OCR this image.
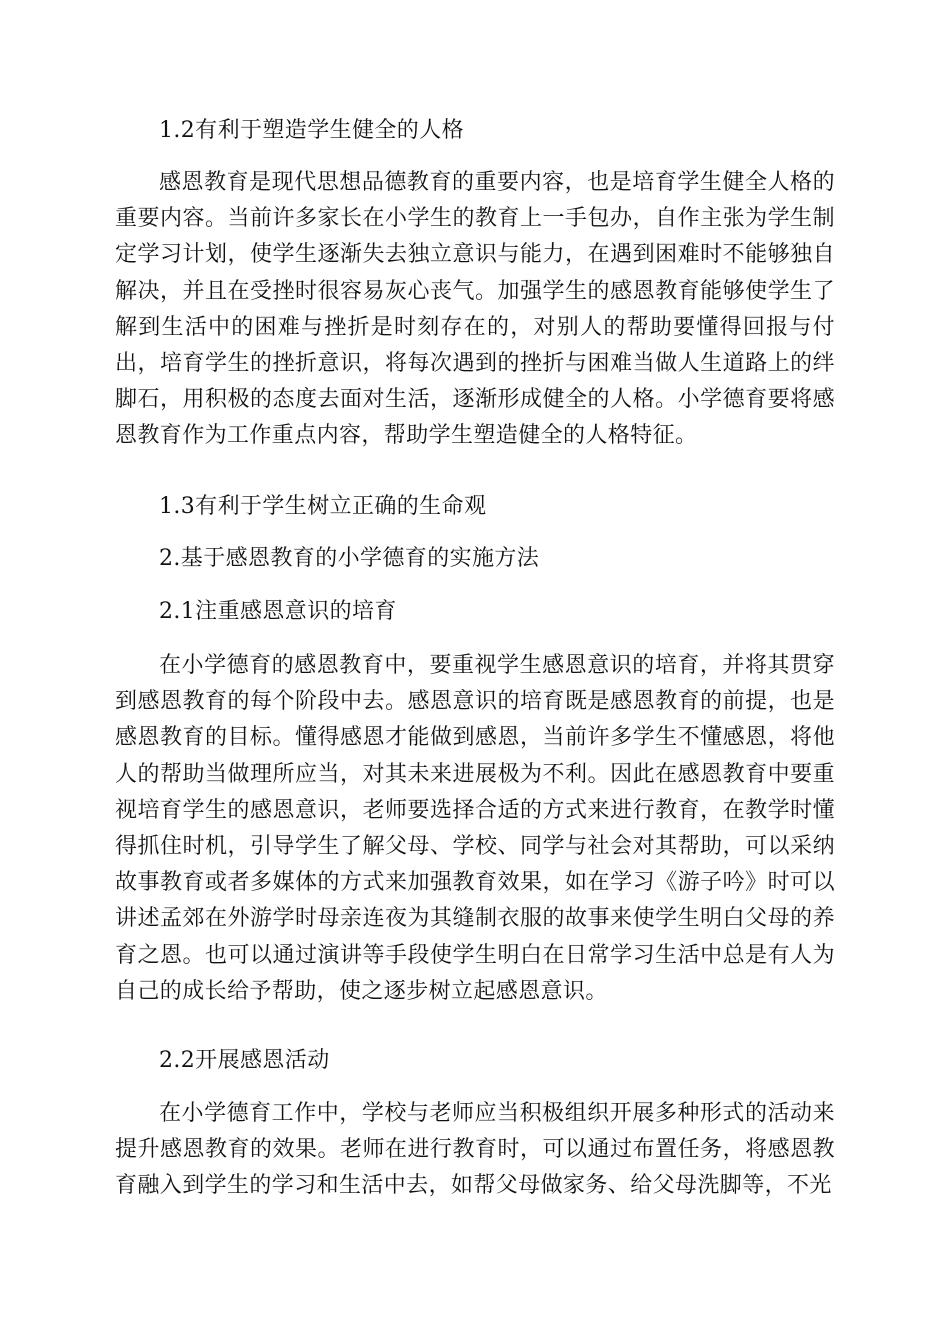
1.2有利于塑造学生健全的人格

感恩教育是现代思想品德教育的重要内容，也是培育学生健全人格的重要内容。当前许多家长在小学生的教育上一手包办，自作主张为学生制定学习计划，使学生逐渐失去独立意识与能力，在遇到困难时不能够独自解决，并且在受挫时很容易灰心丧气。加强学生的感恩教育能够使学生了解到生活中的困难与挫折是时刻存在的，对别人的帮助要懂得回报与付出，培育学生的挫折意识，将每次遇到的挫折与困难当做人生道路上的绊脚石，用积极的态度去面对生活，逐渐形成健全的人格。小学德育要将感恩教育作为工作重点内容，帮助学生塑造健全的人格特征。

1.3有利于学生树立正确的生命观

2.基于感恩教育的小学德育的实施方法

2.1注重感恩意识的培育

在小学德育的感恩教育中，要重视学生感恩意识的培育，并将其贯穿到感恩教育的每个阶段中去。感恩意识的培育既是感恩教育的前提，也是感恩教育的目标。懂得感恩才能做到感恩，当前许多学生不懂感恩，将他人的帮助当做理所应当，对其未来进展极为不利。因此在感恩教育中要重视培育学生的感恩意识，老师要选择合适的方式来进行教育，在教学时懂得抓住时机，引导学生了解父母、学校、同学与社会对其帮助，可以采纳故事教育或者多媒体的方式来加强教育效果，如在学习《游子吟》时可以讲述孟郊在外游学时母亲连夜为其缝制衣服的故事来使学生明白父母的养育之恩。也可以通过演讲等手段使学生明白在日常学习生活中总是有人为自己的成长给予帮助，使之逐步树立起感恩意识。

2.2开展感恩活动

在小学德育工作中，学校与老师应当积极组织开展多种形式的活动来提升感恩教育的效果。老师在进行教育时，可以通过布置任务，将感恩教育融入到学生的学习和生活中去，如帮父母做家务、给父母洗脚等，不光
